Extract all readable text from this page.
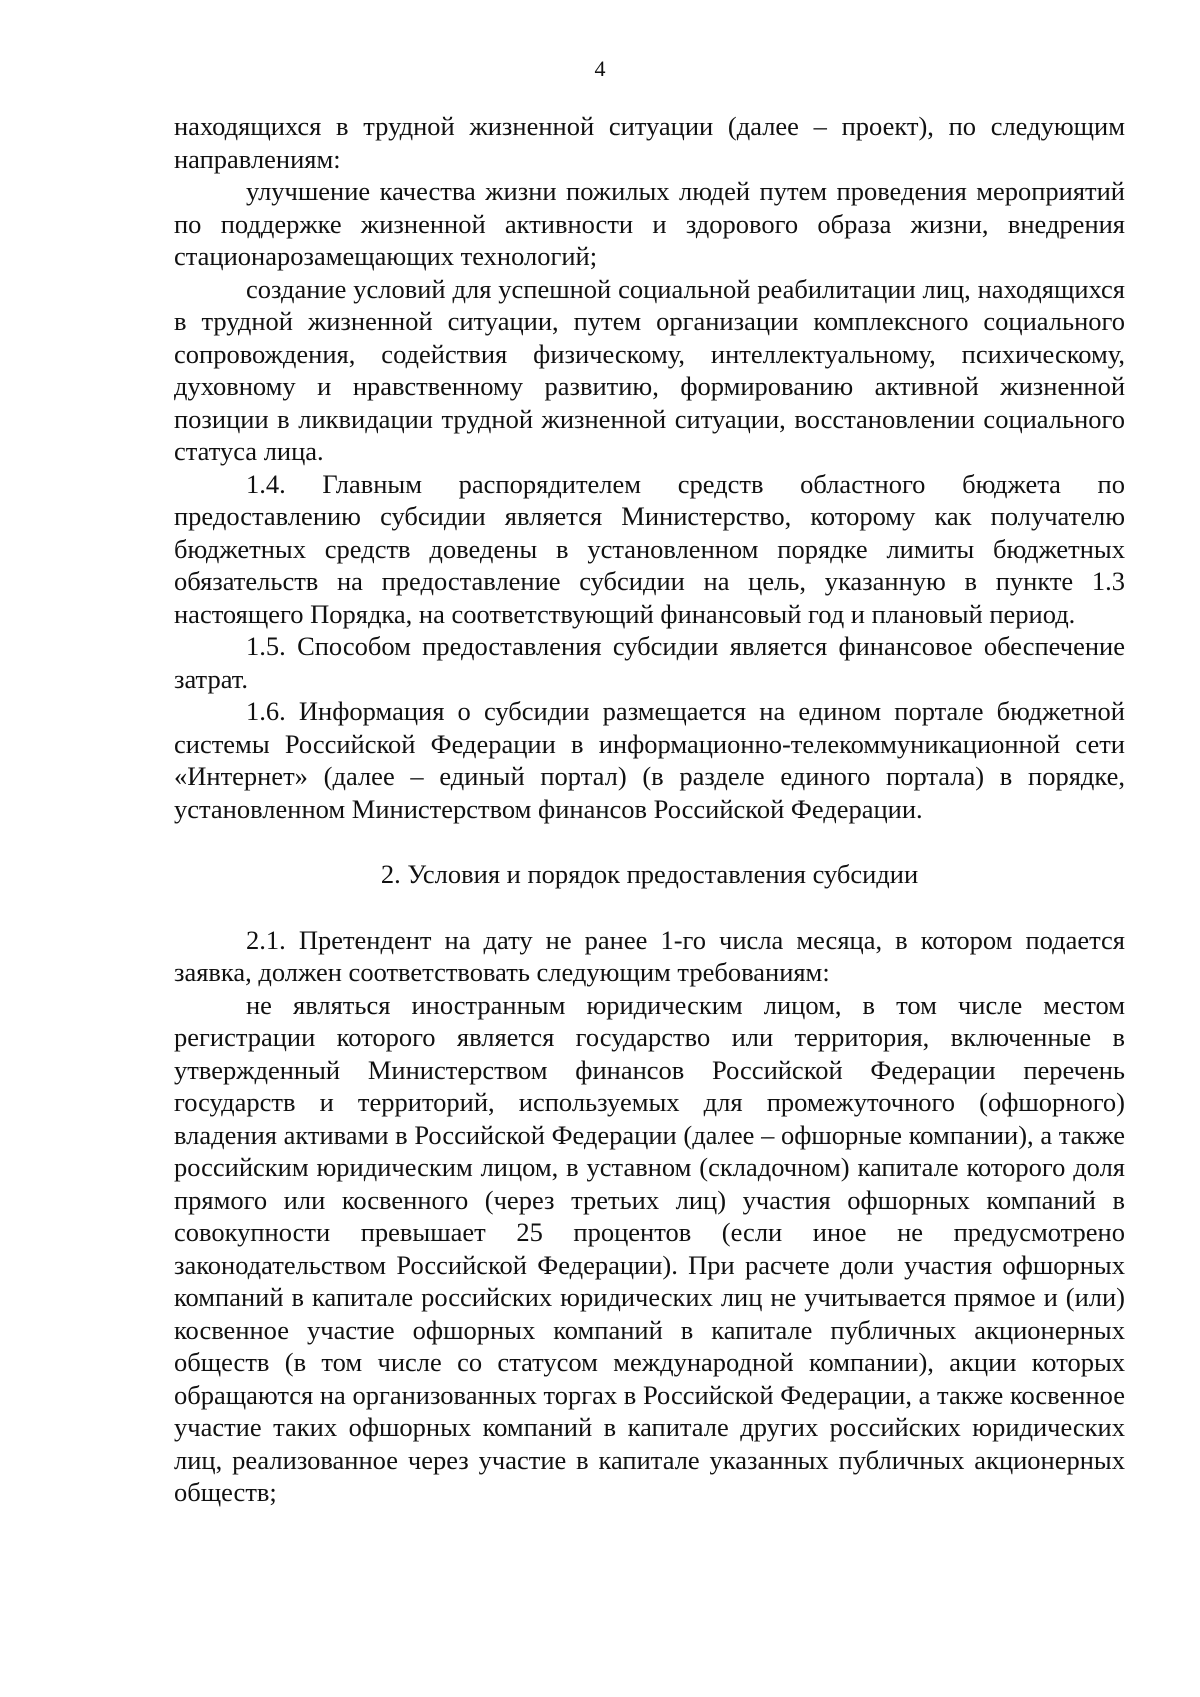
4

находящихся в трудной жизненной ситуации (далее – проект), по следующим направлениям:

улучшение качества жизни пожилых людей путем проведения мероприятий по поддержке жизненной активности и здорового образа жизни, внедрения стационарозамещающих технологий;

создание условий для успешной социальной реабилитации лиц, находящихся в трудной жизненной ситуации, путем организации комплексного социального сопровождения, содействия физическому, интеллектуальному, психическому, духовному и нравственному развитию, формированию активной жизненной позиции в ликвидации трудной жизненной ситуации, восстановлении социального статуса лица.

1.4. Главным распорядителем средств областного бюджета по предоставлению субсидии является Министерство, которому как получателю бюджетных средств доведены в установленном порядке лимиты бюджетных обязательств на предоставление субсидии на цель, указанную в пункте 1.3 настоящего Порядка, на соответствующий финансовый год и плановый период.

1.5. Способом предоставления субсидии является финансовое обеспечение затрат.

1.6. Информация о субсидии размещается на едином портале бюджетной системы Российской Федерации в информационно-телекоммуникационной сети «Интернет» (далее – единый портал) (в разделе единого портала) в порядке, установленном Министерством финансов Российской Федерации.

2. Условия и порядок предоставления субсидии

2.1. Претендент на дату не ранее 1-го числа месяца, в котором подается заявка, должен соответствовать следующим требованиям:

не являться иностранным юридическим лицом, в том числе местом регистрации которого является государство или территория, включенные в утвержденный Министерством финансов Российской Федерации перечень государств и территорий, используемых для промежуточного (офшорного) владения активами в Российской Федерации (далее – офшорные компании), а также российским юридическим лицом, в уставном (складочном) капитале которого доля прямого или косвенного (через третьих лиц) участия офшорных компаний в совокупности превышает 25 процентов (если иное не предусмотрено законодательством Российской Федерации). При расчете доли участия офшорных компаний в капитале российских юридических лиц не учитывается прямое и (или) косвенное участие офшорных компаний в капитале публичных акционерных обществ (в том числе со статусом международной компании), акции которых обращаются на организованных торгах в Российской Федерации, а также косвенное участие таких офшорных компаний в капитале других российских юридических лиц, реализованное через участие в капитале указанных публичных акционерных обществ;
